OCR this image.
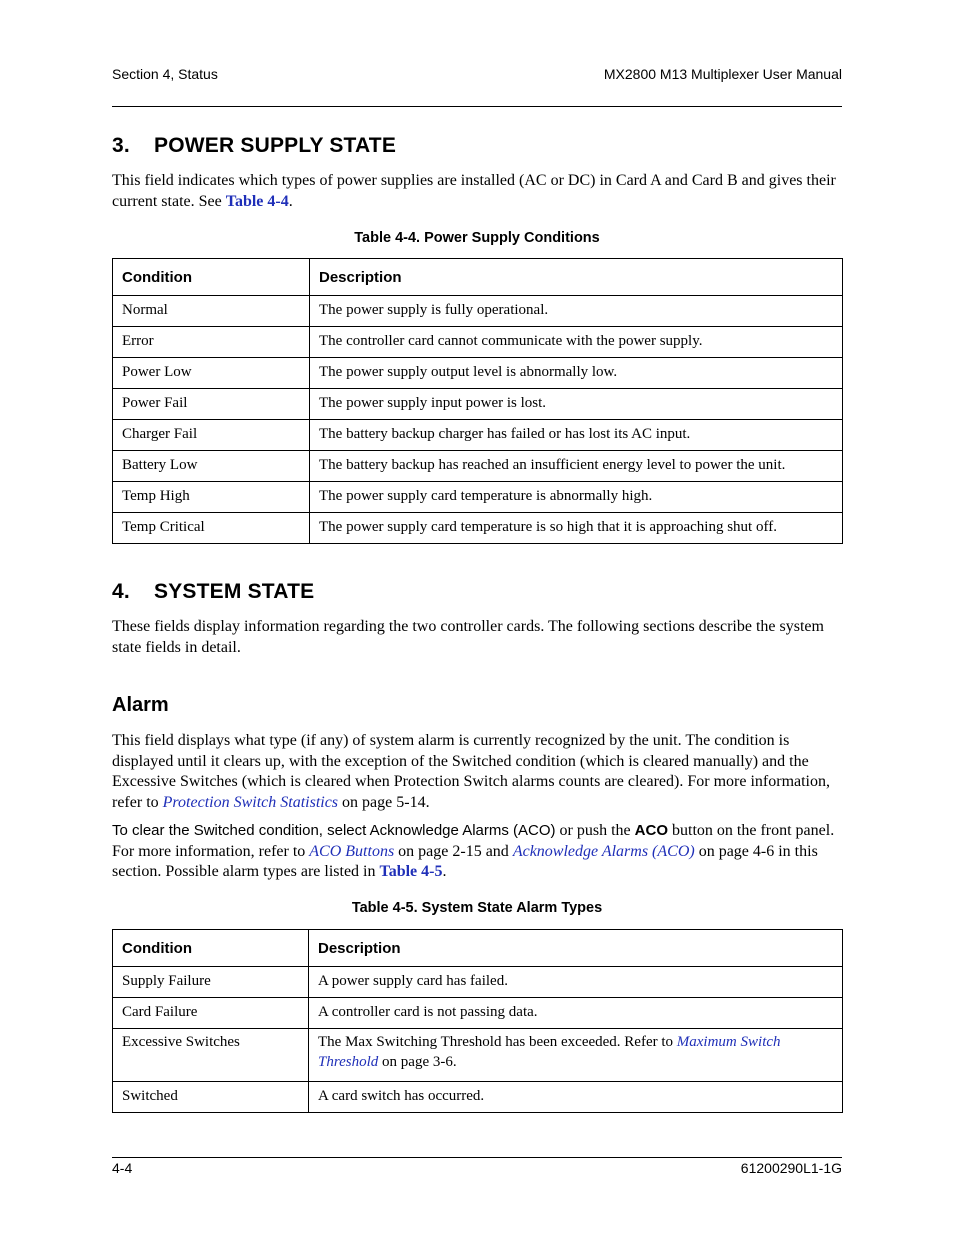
Section 4, Status	MX2800 M13 Multiplexer User Manual
3. POWER SUPPLY STATE

This field indicates which types of power supplies are installed (AC or DC) in Card A and Card B and gives their current state. See Table 4-4.

Table 4-4. Power Supply Conditions
Condition	Description
Normal	The power supply is fully operational.
Error	The controller card cannot communicate with the power supply.
Power Low	The power supply output level is abnormally low.
Power Fail	The power supply input power is lost.
Charger Fail	The battery backup charger has failed or has lost its AC input.
Battery Low	The battery backup has reached an insufficient energy level to power the unit.
Temp High	The power supply card temperature is abnormally high.
Temp Critical	The power supply card temperature is so high that it is approaching shut off.
4. SYSTEM STATE

These fields display information regarding the two controller cards. The following sections describe the system state fields in detail.

Alarm

This field displays what type (if any) of system alarm is currently recognized by the unit. The condition is displayed until it clears up, with the exception of the Switched condition (which is cleared manually) and the Excessive Switches (which is cleared when Protection Switch alarms counts are cleared). For more information, refer to Protection Switch Statistics on page 5-14.

To clear the Switched condition, select Acknowledge Alarms (ACO) or push the ACO button on the front panel. For more information, refer to ACO Buttons on page 2-15 and Acknowledge Alarms (ACO) on page 4-6 in this section. Possible alarm types are listed in Table 4-5.

Table 4-5. System State Alarm Types
Condition	Description
Supply Failure	A power supply card has failed.
Card Failure	A controller card is not passing data.
Excessive Switches	The Max Switching Threshold has been exceeded. Refer to Maximum Switch Threshold on page 3-6.
Switched	A card switch has occurred.
4-4	61200290L1-1G
